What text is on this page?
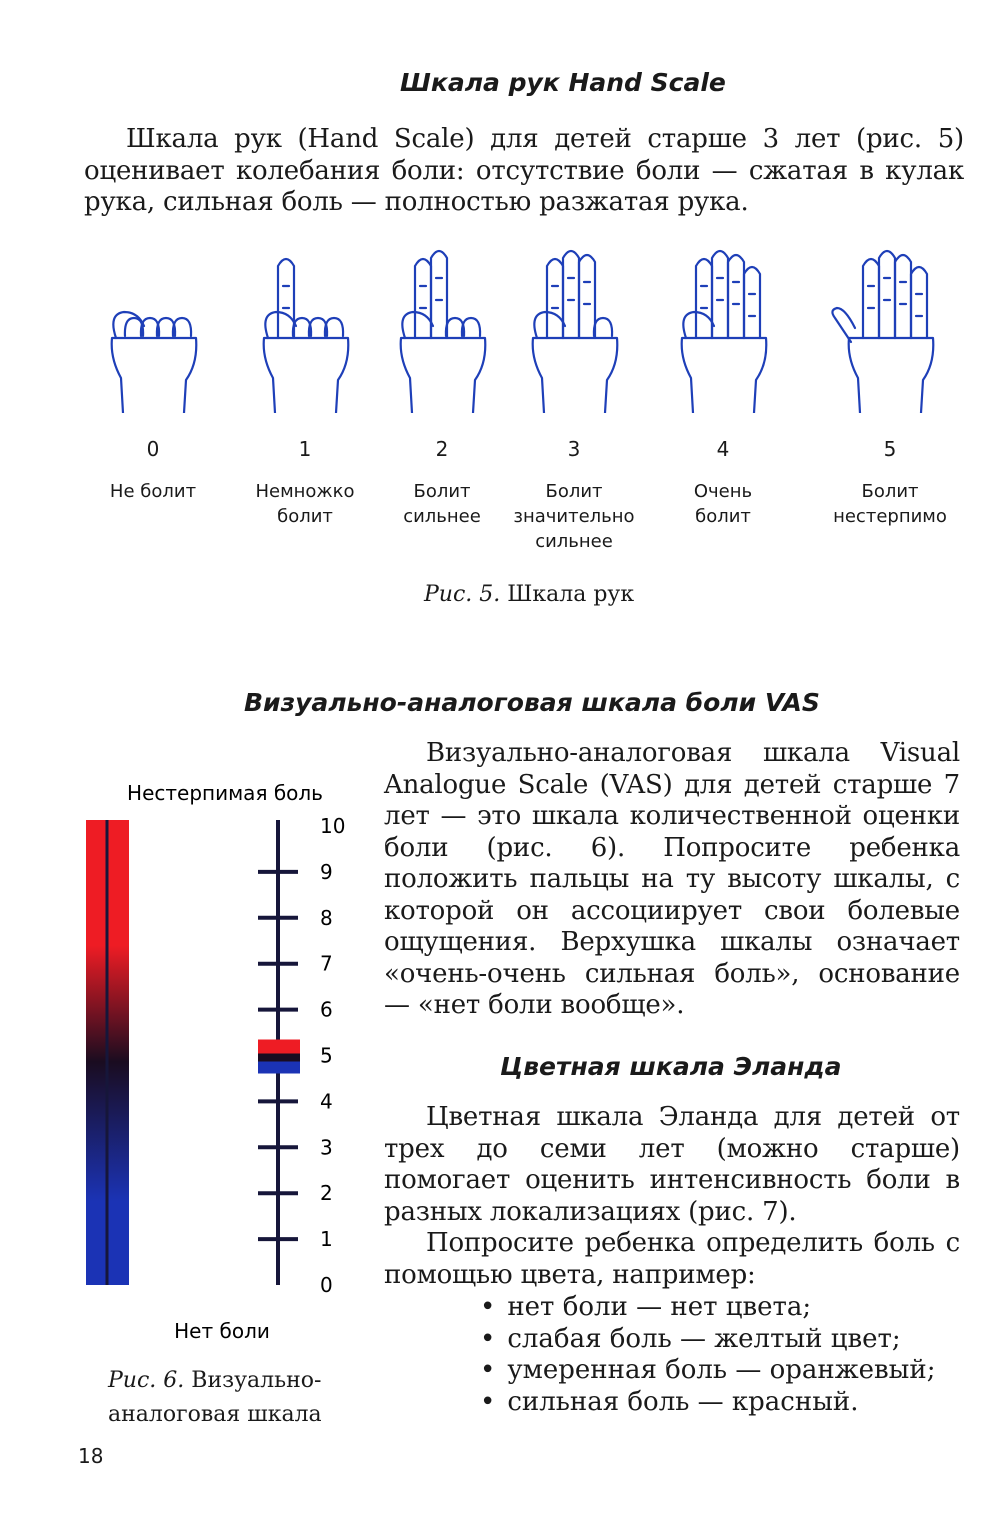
Шкала рук Hand Scale

Шкала рук (Hand Scale) для детей старше 3 лет (рис. 5) оценивает колебания боли: отсутствие боли — сжатая в кулак рука, сильная боль — полностью разжатая рука.

0
Не болит
1
Немножко болит
2
Болит сильнее
3
Болит значительно сильнее
4
Очень болит
5
Болит нестерпимо
Рис. 5. Шкала рук
Визуально-аналоговая шкала боли VAS
Нестерпимая боль
0
1
2
3
4
5
6
7
8
9
10
Нет боли
Рис. 6. Визуально-
аналоговая шкала

Визуально-аналоговая шкала Visual Analogue Scale (VAS) для детей старше 7 лет — это шкала количественной оценки боли (рис. 6). Попросите ребенка положить пальцы на ту высоту шкалы, с которой он ассоциирует свои болевые ощущения. Верхушка шкалы означает «очень-очень сильная боль», основание — «нет боли вообще».

Цветная шкала Эланда

Цветная шкала Эланда для детей от трех до семи лет (можно старше) помогает оценить интенсивность боли в разных локализациях (рис. 7).

Попросите ребенка определить боль с помощью цвета, например:

• нет боли — нет цвета;
• слабая боль — желтый цвет;
• умеренная боль — оранжевый;
• сильная боль — красный.
18
